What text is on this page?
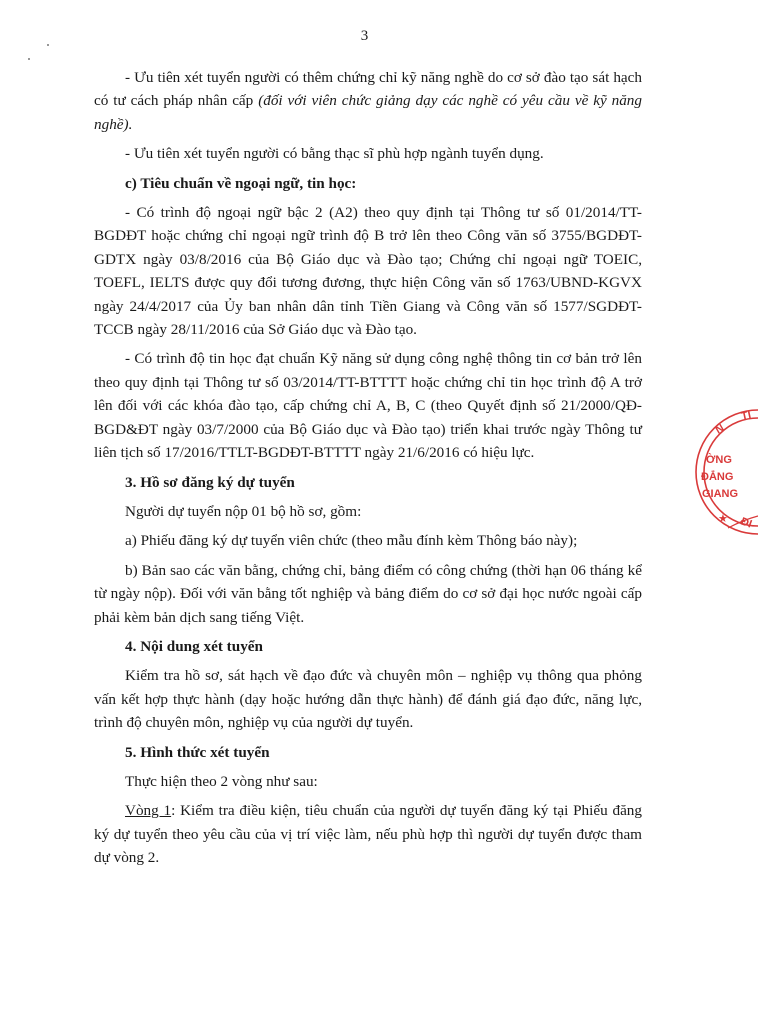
3

- Ưu tiên xét tuyển người có thêm chứng chỉ kỹ năng nghề do cơ sở đào tạo sát hạch có tư cách pháp nhân cấp (đối với viên chức giảng dạy các nghề có yêu cầu về kỹ năng nghề).

- Ưu tiên xét tuyển người có bằng thạc sĩ phù hợp ngành tuyển dụng.

c) Tiêu chuẩn về ngoại ngữ, tin học:

- Có trình độ ngoại ngữ bậc 2 (A2) theo quy định tại Thông tư số 01/2014/TT-BGDĐT hoặc chứng chỉ ngoại ngữ trình độ B trở lên theo Công văn số 3755/BGDĐT-GDTX ngày 03/8/2016 của Bộ Giáo dục và Đào tạo; Chứng chỉ ngoại ngữ TOEIC, TOEFL, IELTS được quy đổi tương đương, thực hiện Công văn số 1763/UBND-KGVX ngày 24/4/2017 của Ủy ban nhân dân tỉnh Tiền Giang và Công văn số 1577/SGDĐT-TCCB ngày 28/11/2016 của Sở Giáo dục và Đào tạo.

- Có trình độ tin học đạt chuẩn Kỹ năng sử dụng công nghệ thông tin cơ bản trở lên theo quy định tại Thông tư số 03/2014/TT-BTTTT hoặc chứng chỉ tin học trình độ A trở lên đối với các khóa đào tạo, cấp chứng chỉ A, B, C (theo Quyết định số 21/2000/QĐ-BGD&ĐT ngày 03/7/2000 của Bộ Giáo dục và Đào tạo) triển khai trước ngày Thông tư liên tịch số 17/2016/TTLT-BGDĐT-BTTTT ngày 21/6/2016 có hiệu lực.

3. Hồ sơ đăng ký dự tuyển

Người dự tuyển nộp 01 bộ hồ sơ, gồm:

a) Phiếu đăng ký dự tuyển viên chức (theo mẫu đính kèm Thông báo này);

b) Bản sao các văn bằng, chứng chỉ, bảng điểm có công chứng (thời hạn 06 tháng kể từ ngày nộp). Đối với văn bằng tốt nghiệp và bảng điểm do cơ sở đại học nước ngoài cấp phải kèm bản dịch sang tiếng Việt.

4. Nội dung xét tuyển

Kiểm tra hồ sơ, sát hạch về đạo đức và chuyên môn – nghiệp vụ thông qua phỏng vấn kết hợp thực hành (dạy hoặc hướng dẫn thực hành) để đánh giá đạo đức, năng lực, trình độ chuyên môn, nghiệp vụ của người dự tuyển.

5. Hình thức xét tuyển

Thực hiện theo 2 vòng như sau:

Vòng 1: Kiểm tra điều kiện, tiêu chuẩn của người dự tuyển đăng ký tại Phiếu đăng ký dự tuyển theo yêu cầu của vị trí việc làm, nếu phù hợp thì người dự tuyển được tham dự vòng 2.

N
TI
ỜNG
ĐẲNG
GIANG
★ ĐI
